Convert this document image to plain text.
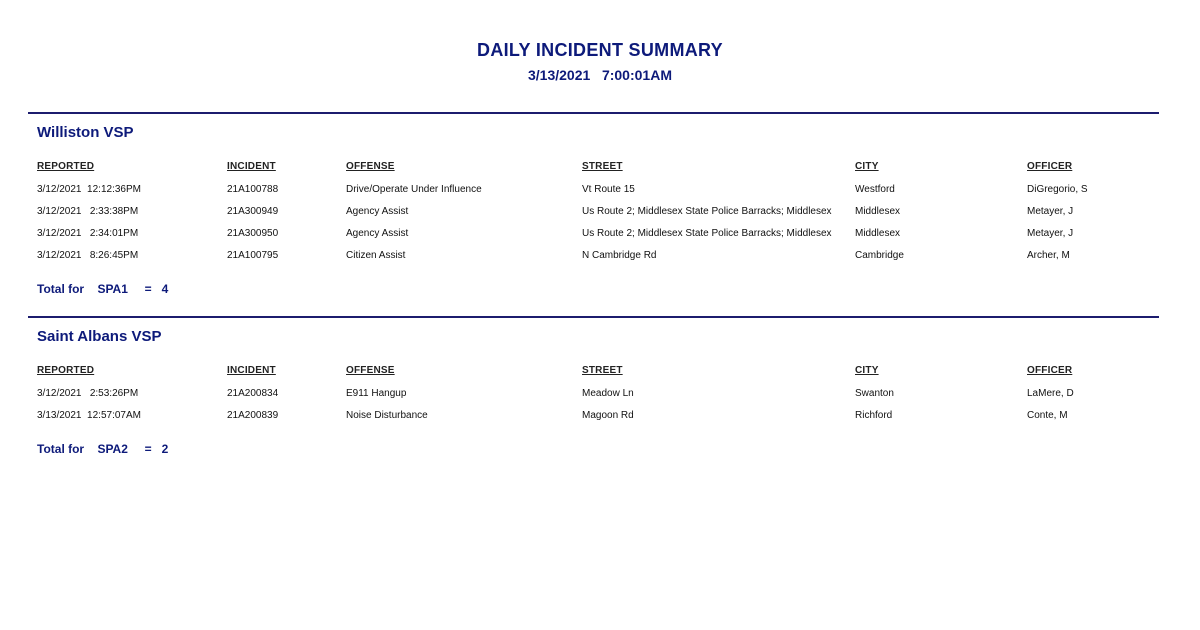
DAILY INCIDENT SUMMARY
3/13/2021   7:00:01AM
Williston VSP
REPORTED	INCIDENT	OFFENSE	STREET	CITY	OFFICER
3/12/2021  12:12:36PM	21A100788	Drive/Operate Under Influence	Vt Route 15	Westford	DiGregorio, S
3/12/2021   2:33:38PM	21A300949	Agency Assist	Us Route 2; Middlesex State Police Barracks; Middlesex	Middlesex	Metayer, J
3/12/2021   2:34:01PM	21A300950	Agency Assist	Us Route 2; Middlesex State Police Barracks; Middlesex	Middlesex	Metayer, J
3/12/2021   8:26:45PM	21A100795	Citizen Assist	N Cambridge Rd	Cambridge	Archer, M
Total for    SPA1     =   4
Saint Albans VSP
REPORTED	INCIDENT	OFFENSE	STREET	CITY	OFFICER
3/12/2021   2:53:26PM	21A200834	E911 Hangup	Meadow Ln	Swanton	LaMere, D
3/13/2021  12:57:07AM	21A200839	Noise Disturbance	Magoon Rd	Richford	Conte, M
Total for    SPA2     =   2
